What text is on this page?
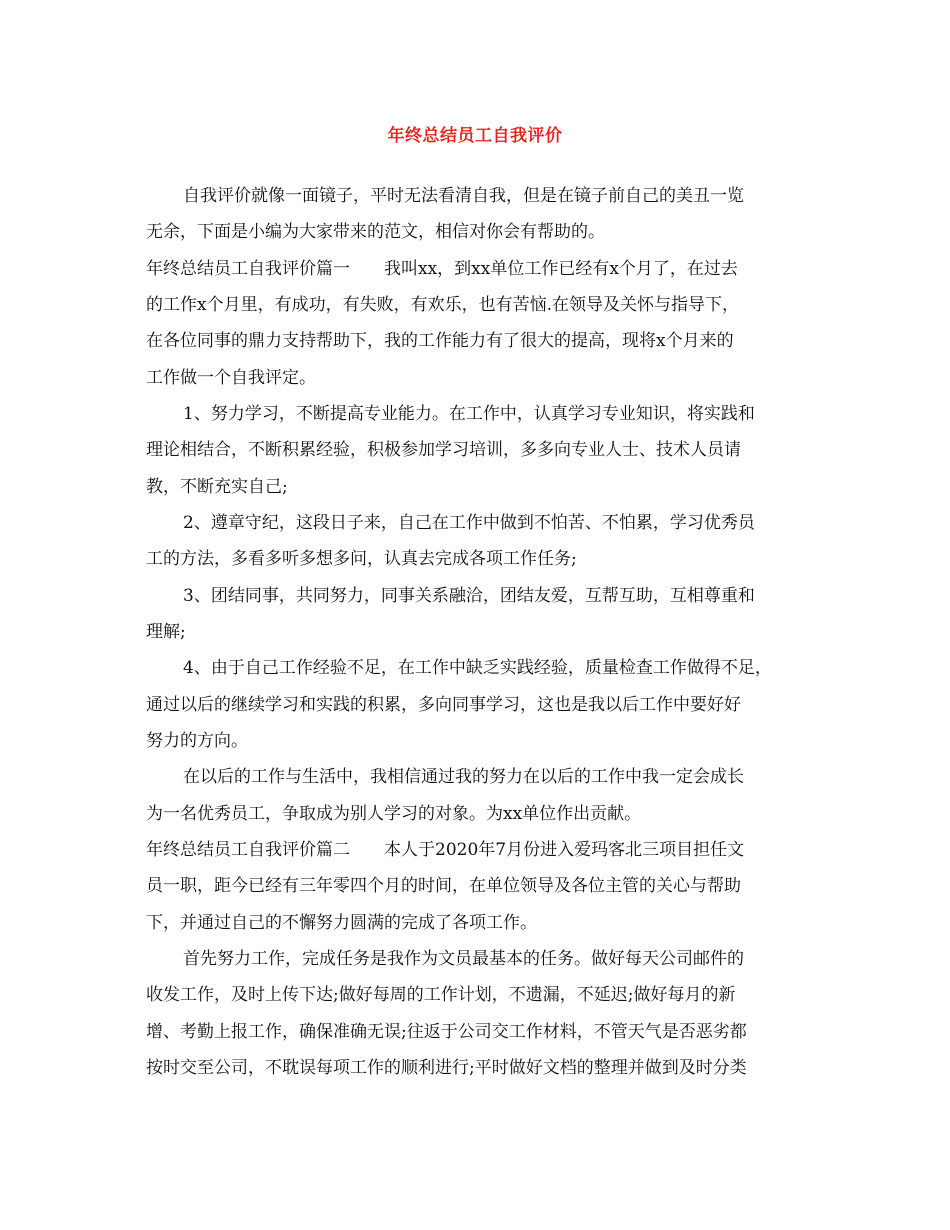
年终总结员工自我评价
自我评价就像一面镜子，平时无法看清自我，但是在镜子前自己的美丑一览
无余，下面是小编为大家带来的范文，相信对你会有帮助的。
年终总结员工自我评价篇一　　我叫xx，到xx单位工作已经有x个月了，在过去
的工作x个月里，有成功，有失败，有欢乐，也有苦恼.在领导及关怀与指导下，
在各位同事的鼎力支持帮助下，我的工作能力有了很大的提高，现将x个月来的
工作做一个自我评定。
1、努力学习，不断提高专业能力。在工作中，认真学习专业知识，将实践和
理论相结合，不断积累经验，积极参加学习培训，多多向专业人士、技术人员请
教，不断充实自己;
2、遵章守纪，这段日子来，自己在工作中做到不怕苦、不怕累，学习优秀员
工的方法，多看多听多想多问，认真去完成各项工作任务;
3、团结同事，共同努力，同事关系融洽，团结友爱，互帮互助，互相尊重和
理解;
4、由于自己工作经验不足，在工作中缺乏实践经验，质量检查工作做得不足，
通过以后的继续学习和实践的积累，多向同事学习，这也是我以后工作中要好好
努力的方向。
在以后的工作与生活中，我相信通过我的努力在以后的工作中我一定会成长
为一名优秀员工，争取成为别人学习的对象。为xx单位作出贡献。
年终总结员工自我评价篇二　　本人于2020年7月份进入爱玛客北三项目担任文
员一职，距今已经有三年零四个月的时间，在单位领导及各位主管的关心与帮助
下，并通过自己的不懈努力圆满的完成了各项工作。
首先努力工作，完成任务是我作为文员最基本的任务。做好每天公司邮件的
收发工作，及时上传下达;做好每周的工作计划，不遗漏，不延迟;做好每月的新
增、考勤上报工作，确保准确无误;往返于公司交工作材料，不管天气是否恶劣都
按时交至公司，不耽误每项工作的顺利进行;平时做好文档的整理并做到及时分类
